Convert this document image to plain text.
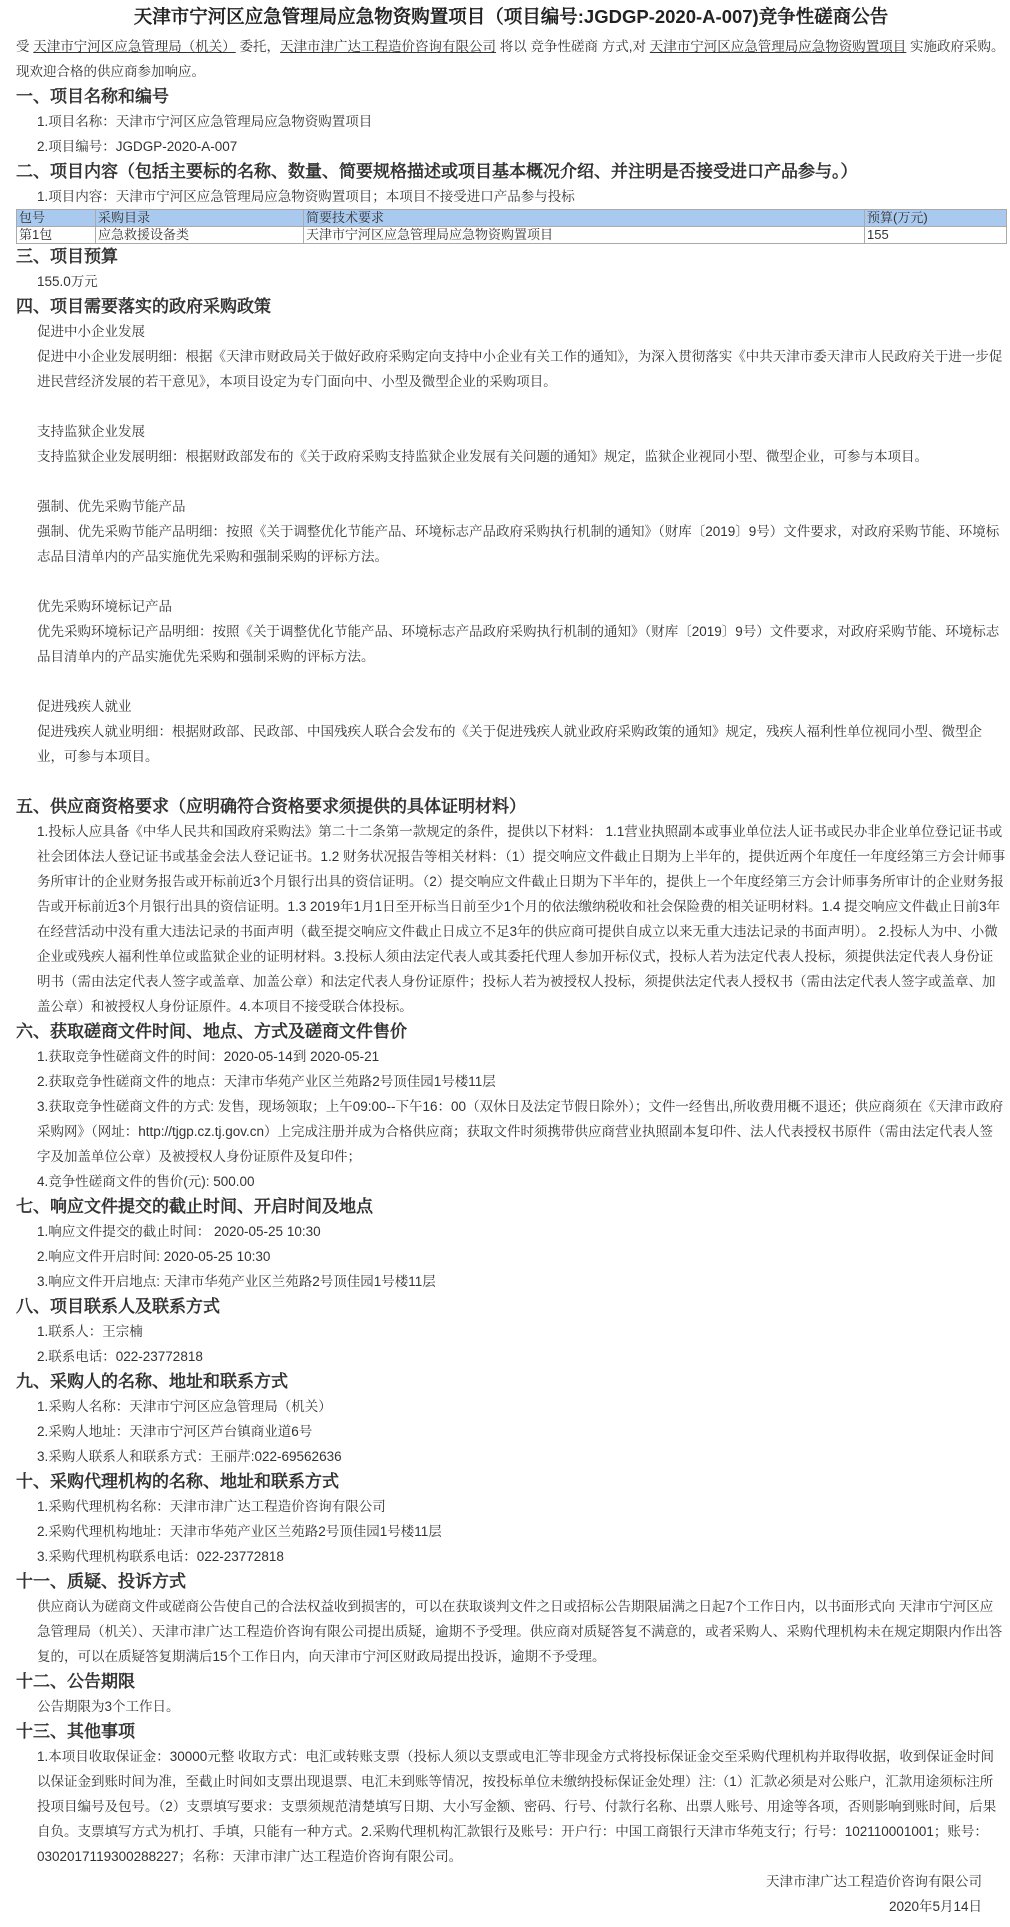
天津市宁河区应急管理局应急物资购置项目（项目编号:JGDGP-2020-A-007)竞争性磋商公告

受 天津市宁河区应急管理局（机关） 委托，天津市津广达工程造价咨询有限公司 将以 竞争性磋商 方式,对 天津市宁河区应急管理局应急物资购置项目 实施政府采购。

现欢迎合格的供应商参加响应。

一、项目名称和编号

1.项目名称：天津市宁河区应急管理局应急物资购置项目

2.项目编号：JGDGP-2020-A-007

二、项目内容（包括主要标的名称、数量、简要规格描述或项目基本概况介绍、并注明是否接受进口产品参与。）

1.项目内容：天津市宁河区应急管理局应急物资购置项目；本项目不接受进口产品参与投标

包号	采购目录	简要技术要求	预算(万元)
第1包	应急救援设备类	天津市宁河区应急管理局应急物资购置项目	155
三、项目预算

155.0万元

四、项目需要落实的政府采购政策

促进中小企业发展

促进中小企业发展明细：根据《天津市财政局关于做好政府采购定向支持中小企业有关工作的通知》，为深入贯彻落实《中共天津市委天津市人民政府关于进一步促进民营经济发展的若干意见》，本项目设定为专门面向中、小型及微型企业的采购项目。

支持监狱企业发展

支持监狱企业发展明细：根据财政部发布的《关于政府采购支持监狱企业发展有关问题的通知》规定，监狱企业视同小型、微型企业，可参与本项目。

强制、优先采购节能产品

强制、优先采购节能产品明细：按照《关于调整优化节能产品、环境标志产品政府采购执行机制的通知》（财库〔2019〕9号）文件要求，对政府采购节能、环境标志品目清单内的产品实施优先采购和强制采购的评标方法。

优先采购环境标记产品

优先采购环境标记产品明细：按照《关于调整优化节能产品、环境标志产品政府采购执行机制的通知》（财库〔2019〕9号）文件要求，对政府采购节能、环境标志品目清单内的产品实施优先采购和强制采购的评标方法。

促进残疾人就业

促进残疾人就业明细：根据财政部、民政部、中国残疾人联合会发布的《关于促进残疾人就业政府采购政策的通知》规定，残疾人福利性单位视同小型、微型企业，可参与本项目。

五、供应商资格要求（应明确符合资格要求须提供的具体证明材料）

1.投标人应具备《中华人民共和国政府采购法》第二十二条第一款规定的条件，提供以下材料： 1.1营业执照副本或事业单位法人证书或民办非企业单位登记证书或社会团体法人登记证书或基金会法人登记证书。1.2 财务状况报告等相关材料：（1）提交响应文件截止日期为上半年的，提供近两个年度任一年度经第三方会计师事务所审计的企业财务报告或开标前近3个月银行出具的资信证明。（2）提交响应文件截止日期为下半年的，提供上一个年度经第三方会计师事务所审计的企业财务报告或开标前近3个月银行出具的资信证明。1.3 2019年1月1日至开标当日前至少1个月的依法缴纳税收和社会保险费的相关证明材料。1.4 提交响应文件截止日前3年在经营活动中没有重大违法记录的书面声明（截至提交响应文件截止日成立不足3年的供应商可提供自成立以来无重大违法记录的书面声明）。 2.投标人为中、小微企业或残疾人福利性单位或监狱企业的证明材料。3.投标人须由法定代表人或其委托代理人参加开标仪式，投标人若为法定代表人投标，须提供法定代表人身份证明书（需由法定代表人签字或盖章、加盖公章）和法定代表人身份证原件；投标人若为被授权人投标，须提供法定代表人授权书（需由法定代表人签字或盖章、加盖公章）和被授权人身份证原件。4.本项目不接受联合体投标。

六、获取磋商文件时间、地点、方式及磋商文件售价

1.获取竞争性磋商文件的时间：2020-05-14到 2020-05-21

2.获取竞争性磋商文件的地点：天津市华苑产业区兰苑路2号顶佳园1号楼11层

3.获取竞争性磋商文件的方式: 发售，现场领取；上午09:00--下午16：00（双休日及法定节假日除外）；文件一经售出,所收费用概不退还；供应商须在《天津市政府采购网》（网址：http://tjgp.cz.tj.gov.cn）上完成注册并成为合格供应商；获取文件时须携带供应商营业执照副本复印件、法人代表授权书原件（需由法定代表人签字及加盖单位公章）及被授权人身份证原件及复印件；

4.竞争性磋商文件的售价(元): 500.00

七、响应文件提交的截止时间、开启时间及地点

1.响应文件提交的截止时间： 2020-05-25 10:30

2.响应文件开启时间: 2020-05-25 10:30

3.响应文件开启地点: 天津市华苑产业区兰苑路2号顶佳园1号楼11层

八、项目联系人及联系方式

1.联系人：王宗楠

2.联系电话：022-23772818

九、采购人的名称、地址和联系方式

1.采购人名称：天津市宁河区应急管理局（机关）

2.采购人地址：天津市宁河区芦台镇商业道6号

3.采购人联系人和联系方式：王丽芹:022-69562636

十、采购代理机构的名称、地址和联系方式

1.采购代理机构名称：天津市津广达工程造价咨询有限公司

2.采购代理机构地址：天津市华苑产业区兰苑路2号顶佳园1号楼11层

3.采购代理机构联系电话：022-23772818

十一、质疑、投诉方式

供应商认为磋商文件或磋商公告使自己的合法权益收到损害的，可以在获取谈判文件之日或招标公告期限届满之日起7个工作日内，以书面形式向 天津市宁河区应急管理局（机关）、天津市津广达工程造价咨询有限公司提出质疑，逾期不予受理。供应商对质疑答复不满意的，或者采购人、采购代理机构未在规定期限内作出答复的，可以在质疑答复期满后15个工作日内，向天津市宁河区财政局提出投诉，逾期不予受理。

十二、公告期限

公告期限为3个工作日。

十三、其他事项

1.本项目收取保证金：30000元整 收取方式：电汇或转账支票（投标人须以支票或电汇等非现金方式将投标保证金交至采购代理机构并取得收据，收到保证金时间以保证金到账时间为准，至截止时间如支票出现退票、电汇未到账等情况，按投标单位未缴纳投标保证金处理）注:（1）汇款必须是对公账户，汇款用途须标注所投项目编号及包号。（2）支票填写要求：支票须规范清楚填写日期、大小写金额、密码、行号、付款行名称、出票人账号、用途等各项，否则影响到账时间，后果自负。支票填写方式为机打、手填，只能有一种方式。2.采购代理机构汇款银行及账号：开户行：中国工商银行天津市华苑支行；行号：102110001001；账号：0302017119300288227；名称：天津市津广达工程造价咨询有限公司。

天津市津广达工程造价咨询有限公司
2020年5月14日
